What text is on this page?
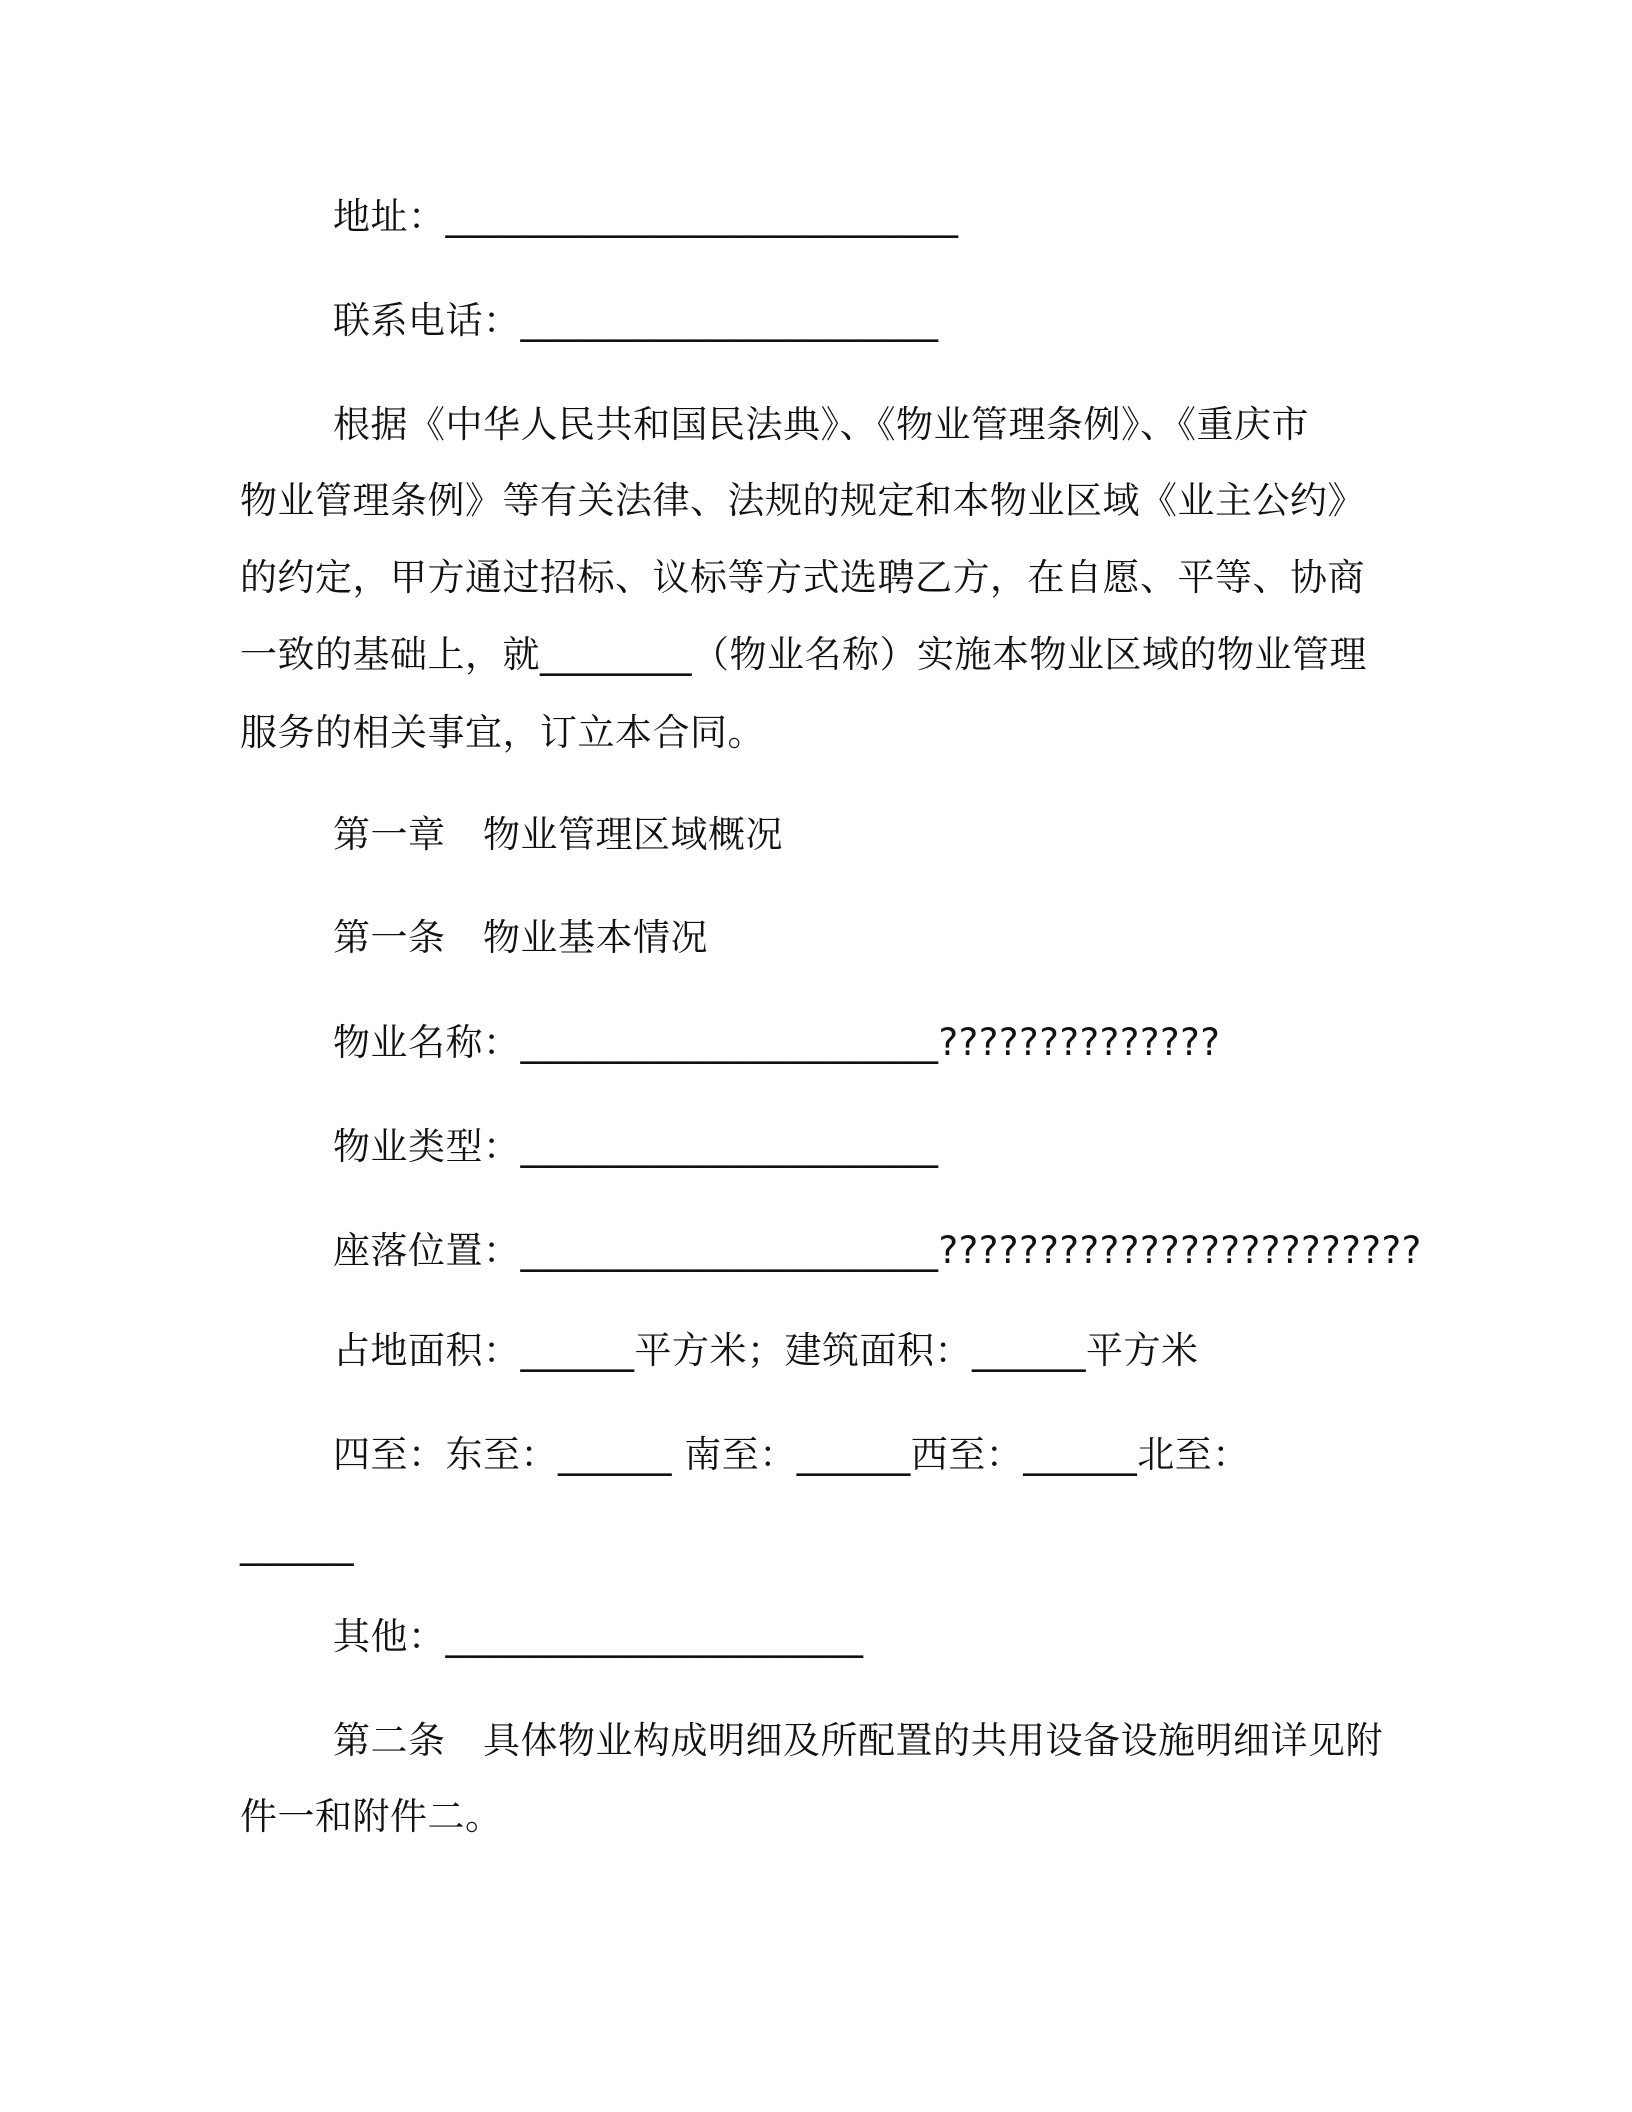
地址：___________________________
联系电话：______________________
根据《中华人民共和国民法典》、《物业管理条例》、《重庆市
物业管理条例》等有关法律、法规的规定和本物业区域《业主公约》
的约定，甲方通过招标、议标等方式选聘乙方，在自愿、平等、协商
一致的基础上，就________（物业名称）实施本物业区域的物业管理
服务的相关事宜，订立本合同。
第一章　物业管理区域概况
第一条　物业基本情况
物业名称：______________________??????????????
物业类型：______________________
座落位置：______________________????????????????????????
占地面积：______平方米；建筑面积：______平方米
四至：东至：______ 南至：______西至：______北至：
______
其他：______________________
第二条　具体物业构成明细及所配置的共用设备设施明细详见附
件一和附件二。
